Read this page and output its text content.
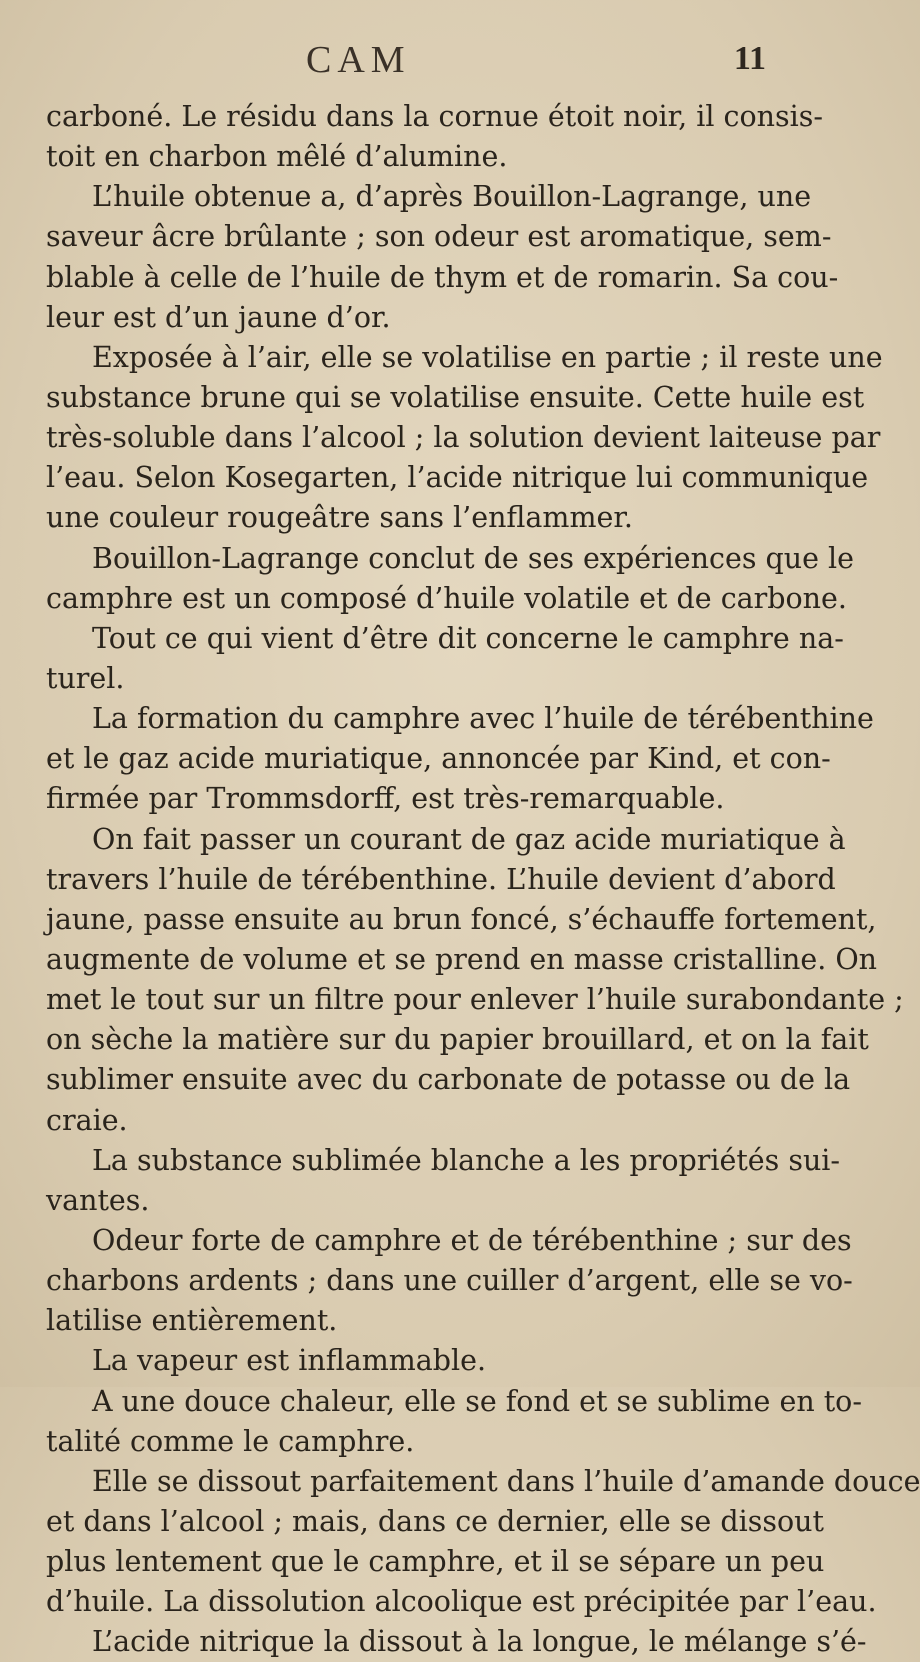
CAM	11
carboné. Le résidu dans la cornue étoit noir, il consis-
toit en charbon mêlé d’alumine.
L’huile obtenue a, d’après Bouillon-Lagrange, une
saveur âcre brûlante ; son odeur est aromatique, sem-
blable à celle de l’huile de thym et de romarin. Sa cou-
leur est d’un jaune d’or.
Exposée à l’air, elle se volatilise en partie ; il reste une
substance brune qui se volatilise ensuite. Cette huile est
très-soluble dans l’alcool ; la solution devient laiteuse par
l’eau. Selon Kosegarten, l’acide nitrique lui communique
une couleur rougeâtre sans l’enflammer.
Bouillon-Lagrange conclut de ses expériences que le
camphre est un composé d’huile volatile et de carbone.
Tout ce qui vient d’être dit concerne le camphre na-
turel.
La formation du camphre avec l’huile de térébenthine
et le gaz acide muriatique, annoncée par Kind, et con-
firmée par Trommsdorff, est très-remarquable.
On fait passer un courant de gaz acide muriatique à
travers l’huile de térébenthine. L’huile devient d’abord
jaune, passe ensuite au brun foncé, s’échauffe fortement,
augmente de volume et se prend en masse cristalline. On
met le tout sur un filtre pour enlever l’huile surabondante ;
on sèche la matière sur du papier brouillard, et on la fait
sublimer ensuite avec du carbonate de potasse ou de la
craie.
La substance sublimée blanche a les propriétés sui-
vantes.
Odeur forte de camphre et de térébenthine ; sur des
charbons ardents ; dans une cuiller d’argent, elle se vo-
latilise entièrement.
La vapeur est inflammable.
A une douce chaleur, elle se fond et se sublime en to-
talité comme le camphre.
Elle se dissout parfaitement dans l’huile d’amande douce
et dans l’alcool ; mais, dans ce dernier, elle se dissout
plus lentement que le camphre, et il se sépare un peu
d’huile. La dissolution alcoolique est précipitée par l’eau.
L’acide nitrique la dissout à la longue, le mélange s’é-
